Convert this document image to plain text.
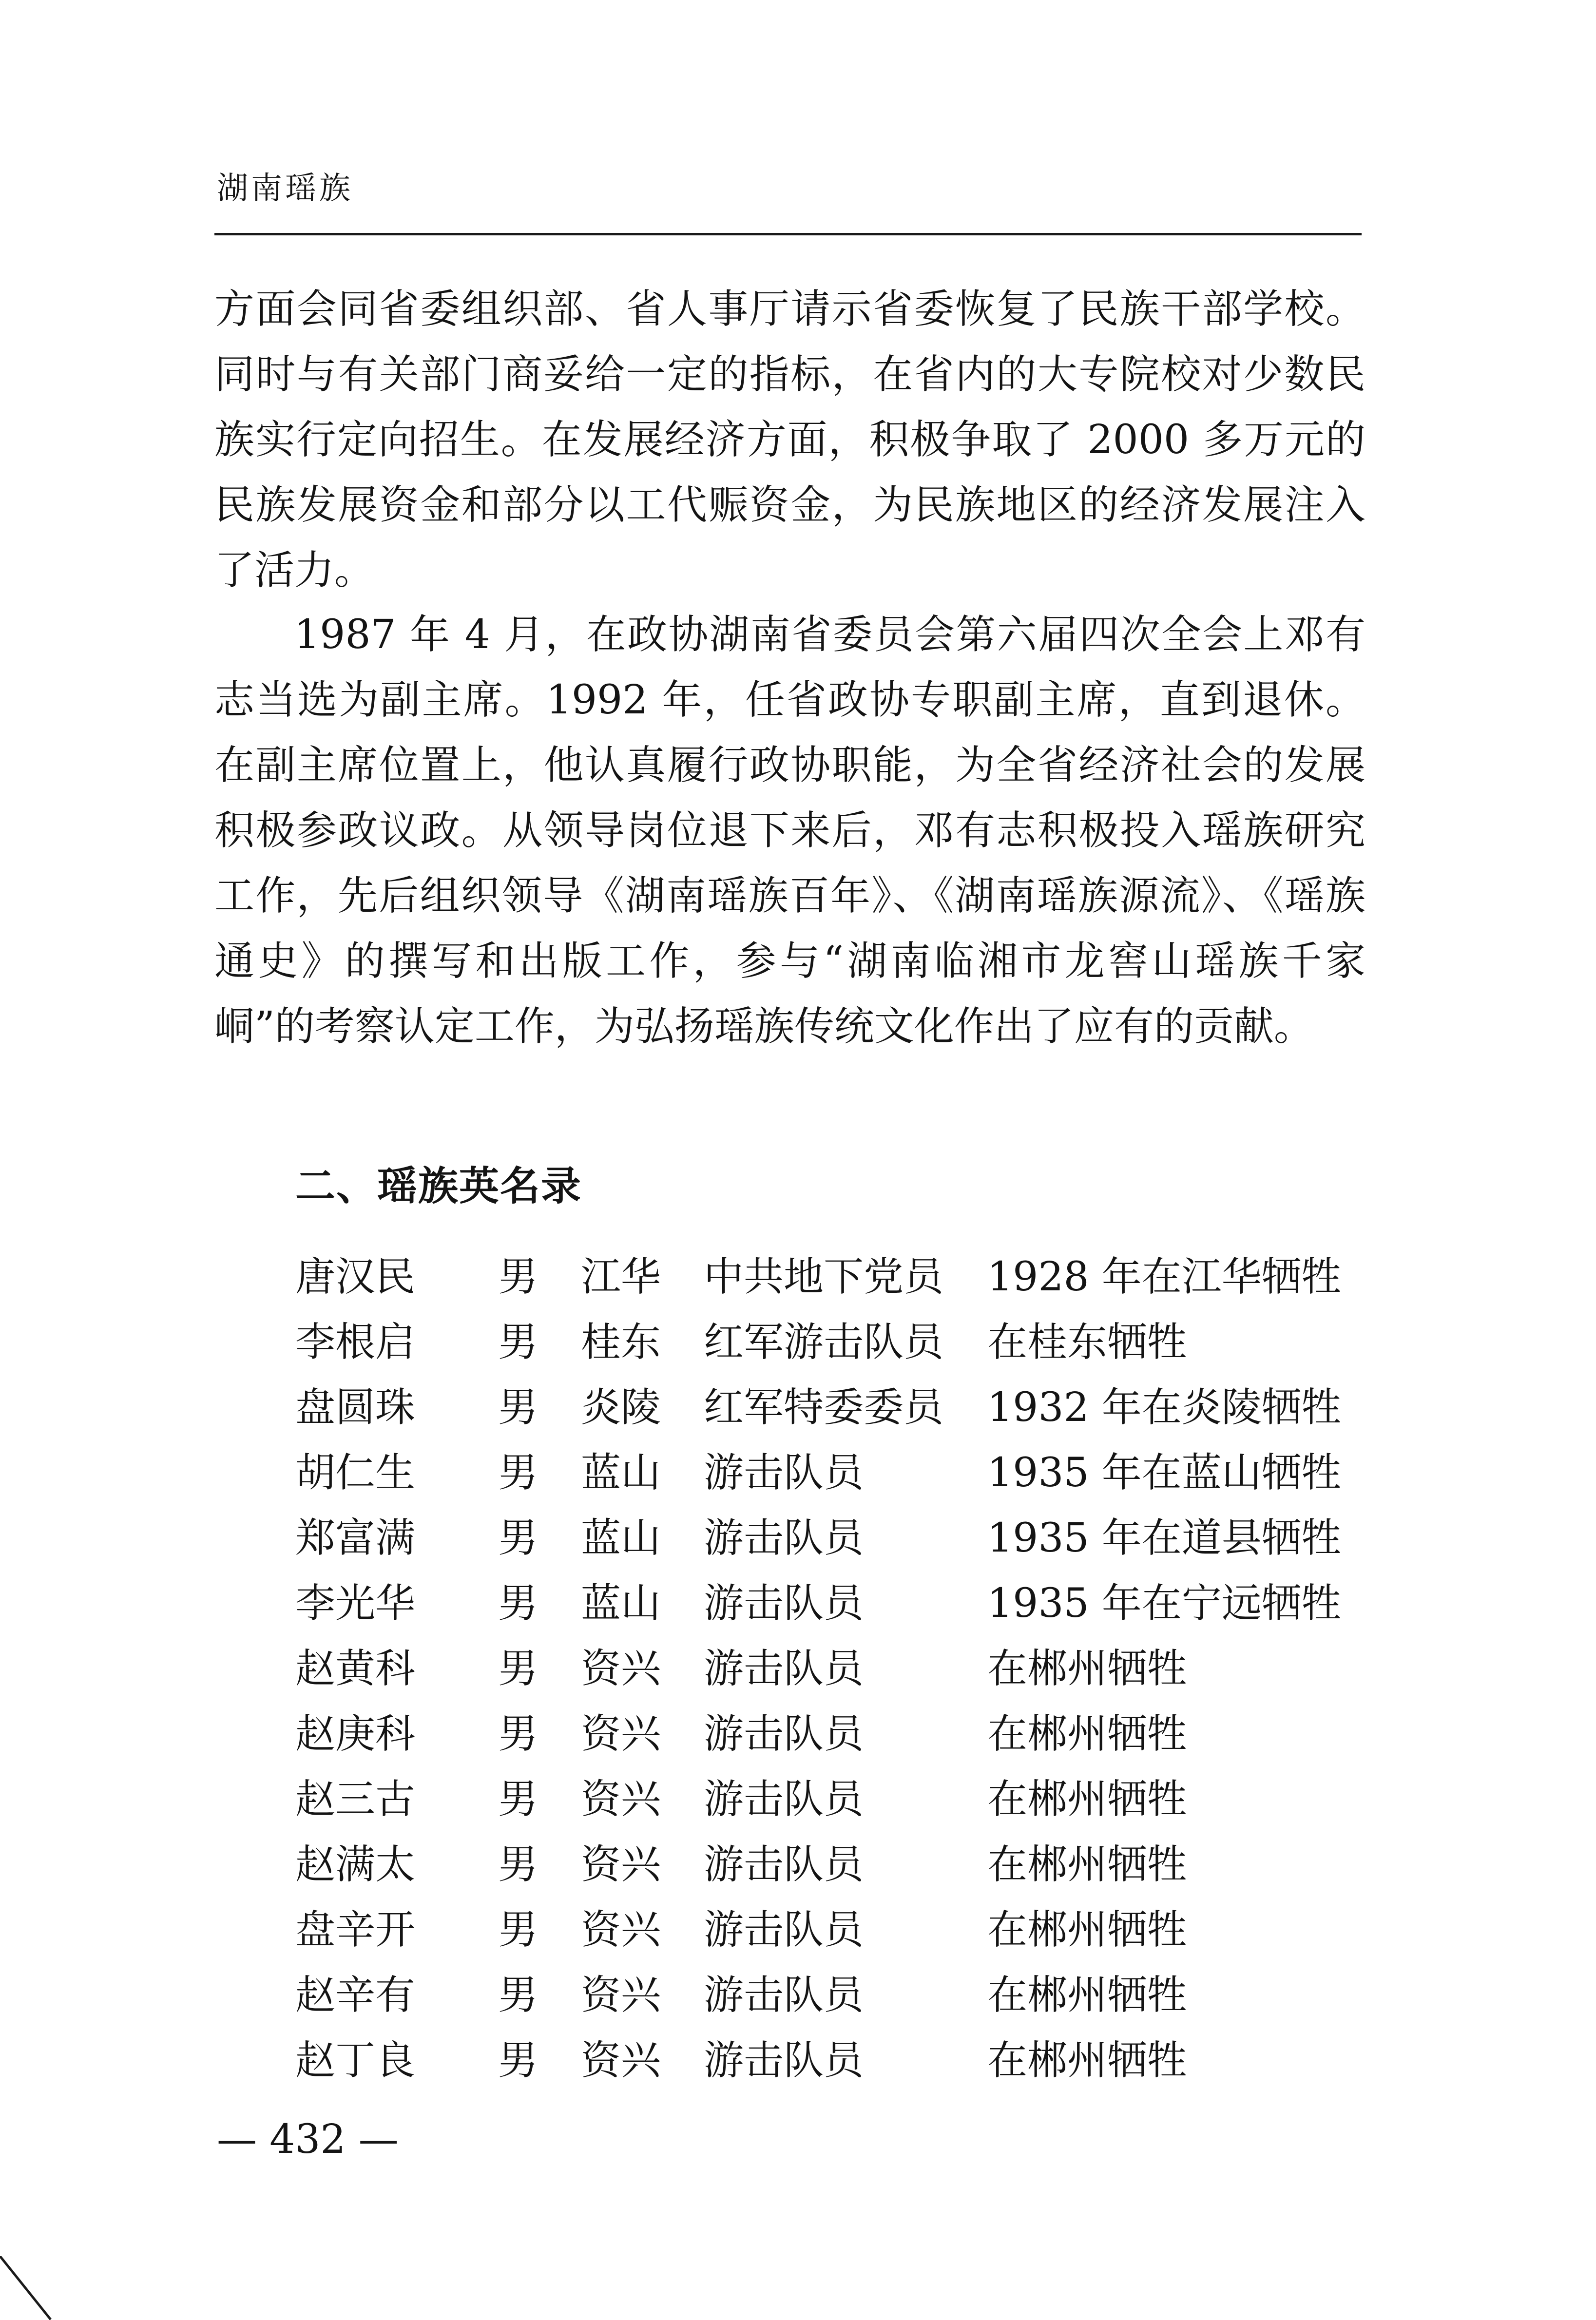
湖南瑶族

方面会同省委组织部、省人事厅请示省委恢复了民族干部学校。同时与有关部门商妥给一定的指标，在省内的大专院校对少数民族实行定向招生。在发展经济方面，积极争取了 2000 多万元的民族发展资金和部分以工代赈资金，为民族地区的经济发展注入了活力。

1987 年 4 月，在政协湖南省委员会第六届四次全会上邓有志当选为副主席。1992 年，任省政协专职副主席，直到退休。在副主席位置上，他认真履行政协职能，为全省经济社会的发展积极参政议政。从领导岗位退下来后，邓有志积极投入瑶族研究工作，先后组织领导《湖南瑶族百年》、《湖南瑶族源流》、《瑶族通史》的撰写和出版工作，参与“湖南临湘市龙窖山瑶族千家峒”的考察认定工作，为弘扬瑶族传统文化作出了应有的贡献。

二、瑶族英名录
唐汉民 男 江华 中共地下党员 1928 年在江华牺牲
李根启 男 桂东 红军游击队员 在桂东牺牲
盘圆珠 男 炎陵 红军特委委员 1932 年在炎陵牺牲
胡仁生 男 蓝山 游击队员	1935 年在蓝山牺牲
郑富满 男 蓝山 游击队员	1935 年在道县牺牲
李光华 男 蓝山 游击队员	1935 年在宁远牺牲
赵黄科 男 资兴 游击队员	在郴州牺牲
赵庚科 男 资兴 游击队员	在郴州牺牲
赵三古 男 资兴 游击队员	在郴州牺牲
赵满太 男 资兴 游击队员	在郴州牺牲
盘辛开 男 资兴 游击队员	在郴州牺牲
赵辛有 男 资兴 游击队员	在郴州牺牲
赵丁良 男 资兴 游击队员	在郴州牺牲
— 432 —
